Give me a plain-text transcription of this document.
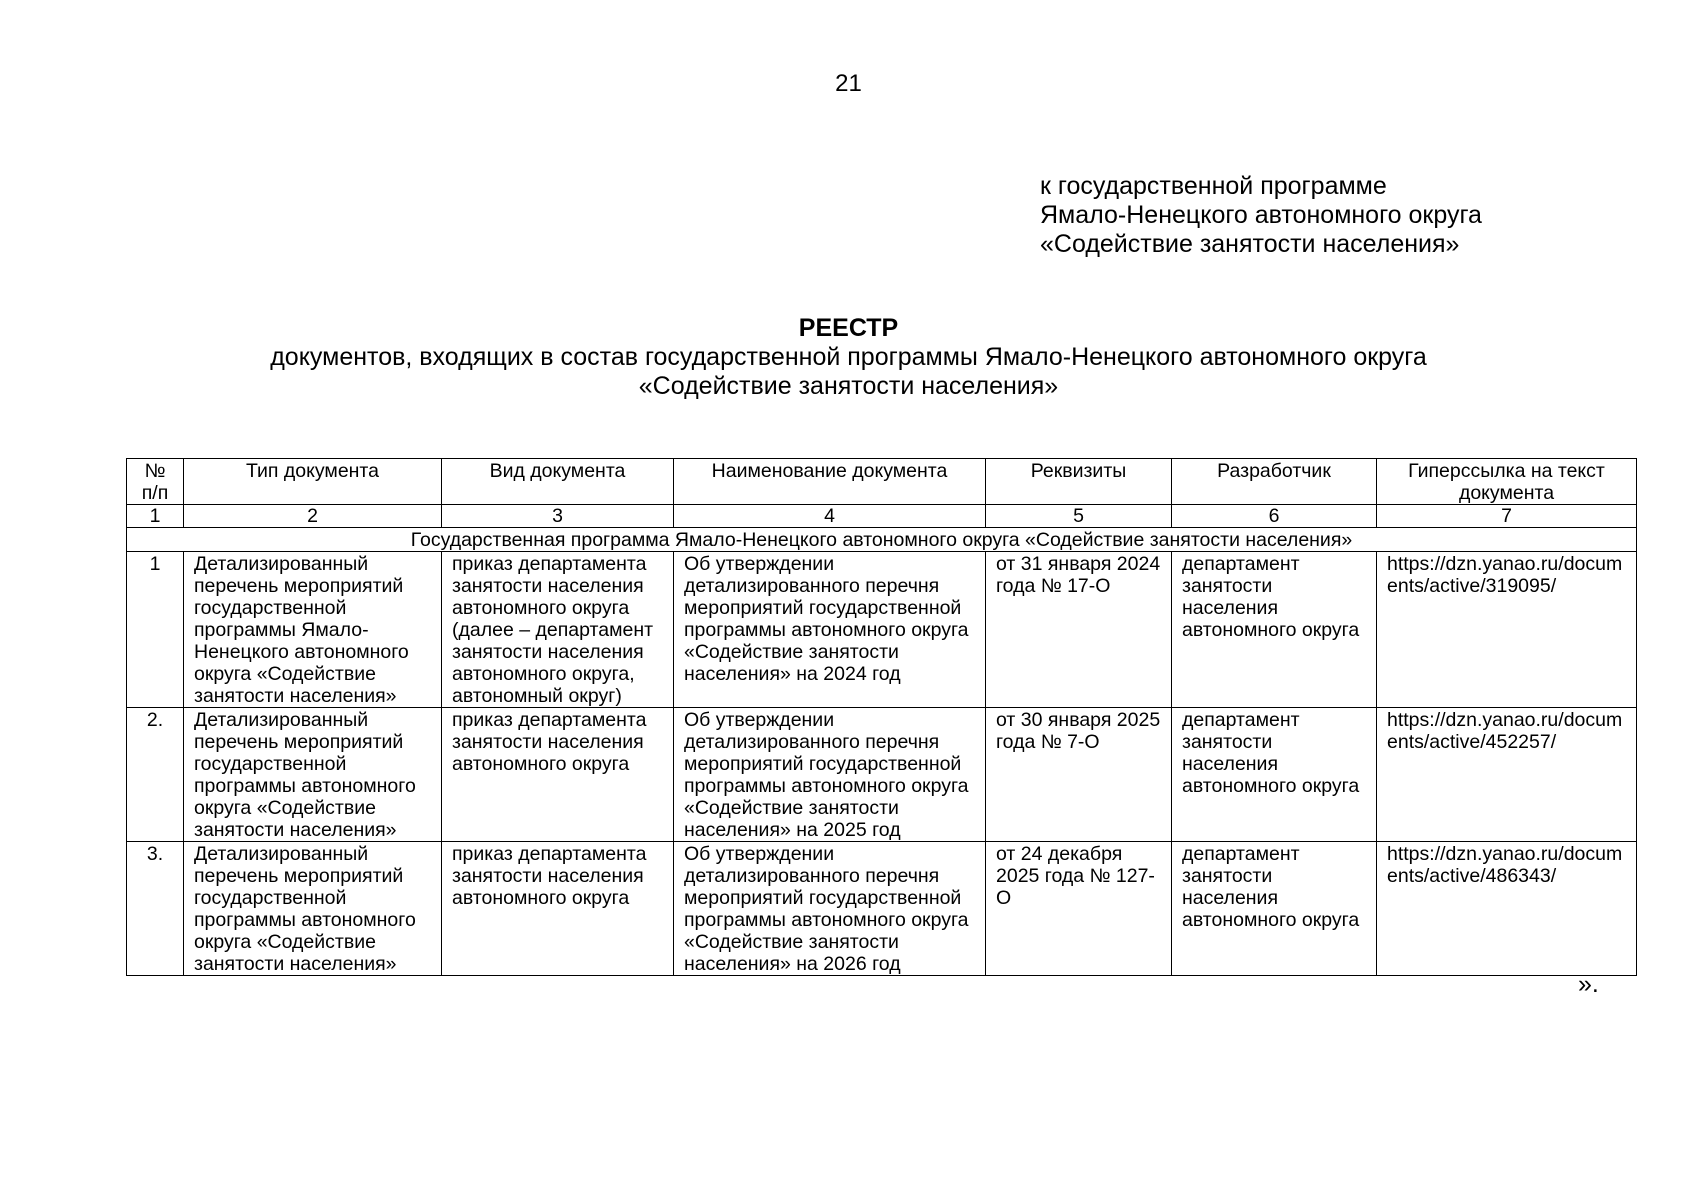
21
к государственной программе
Ямало-Ненецкого автономного округа
«Содействие занятости населения»
РЕЕСТР
документов, входящих в состав государственной программы Ямало-Ненецкого автономного округа
«Содействие занятости населения»
№ п/п	Тип документа	Вид документа	Наименование документа	Реквизиты	Разработчик	Гиперссылка на текст документа
1	2	3	4	5	6	7
Государственная программа Ямало-Ненецкого автономного округа «Содействие занятости населения»						
1	Детализированный перечень мероприятий государственной программы Ямало-Ненецкого автономного округа «Содействие занятости населения»	приказ департамента занятости населения автономного округа (далее – департамент занятости населения автономного округа, автономный округ)	Об утверждении детализированного перечня мероприятий государственной программы автономного округа «Содействие занятости населения» на 2024 год	от 31 января 2024 года № 17-О	департамент занятости населения автономного округа	https://dzn.yanao.ru/documents/active/319095/
2.	Детализированный перечень мероприятий государственной программы автономного округа «Содействие занятости населения»	приказ департамента занятости населения автономного округа	Об утверждении детализированного перечня мероприятий государственной программы автономного округа «Содействие занятости населения» на 2025 год	от 30 января 2025 года № 7-О	департамент занятости населения автономного округа	https://dzn.yanao.ru/documents/active/452257/
3.	Детализированный перечень мероприятий государственной программы автономного округа «Содействие занятости населения»	приказ департамента занятости населения автономного округа	Об утверждении детализированного перечня мероприятий государственной программы автономного округа «Содействие занятости населения» на 2026 год	от 24 декабря 2025 года № 127-О	департамент занятости населения автономного округа	https://dzn.yanao.ru/documents/active/486343/
».
